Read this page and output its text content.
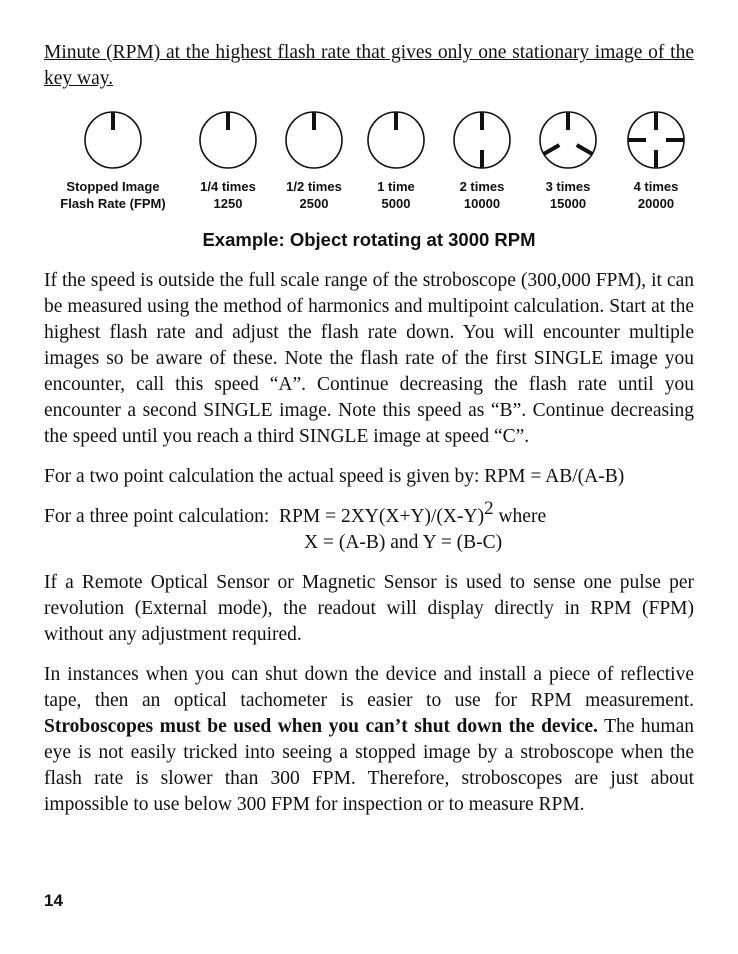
Minute (RPM) at the highest flash rate that gives only one stationary image of the key way.

Stopped Image
Flash Rate (FPM)
1/4 times
1250
1/2 times
2500
1 time
5000
2 times
10000
3 times
15000
4 times
20000
Example: Object rotating at 3000 RPM

If the speed is outside the full scale range of the stroboscope (300,000 FPM), it can be measured using the method of harmonics and multipoint calculation. Start at the highest flash rate and adjust the flash rate down. You will encounter multiple images so be aware of these. Note the flash rate of the first SINGLE image you encounter, call this speed “A”. Continue decreasing the flash rate until you encounter a second SINGLE image. Note this speed as “B”. Continue decreasing the speed until you reach a third SINGLE image at speed “C”.

For a two point calculation the actual speed is given by: RPM = AB/(A-B)

For a three point calculation:  RPM = $2XY(X+Y)/(X-Y)^2$ where
X = (A-B) and Y = (B-C)

If a Remote Optical Sensor or Magnetic Sensor is used to sense one pulse per revolution (External mode), the readout will display directly in RPM (FPM) without any adjustment required.

In instances when you can shut down the device and install a piece of reflective tape, then an optical tachometer is easier to use for RPM measurement. Stroboscopes must be used when you can’t shut down the device. The human eye is not easily tricked into seeing a stopped image by a stroboscope when the flash rate is slower than 300 FPM. Therefore, stroboscopes are just about impossible to use below 300 FPM for inspection or to measure RPM.

14
